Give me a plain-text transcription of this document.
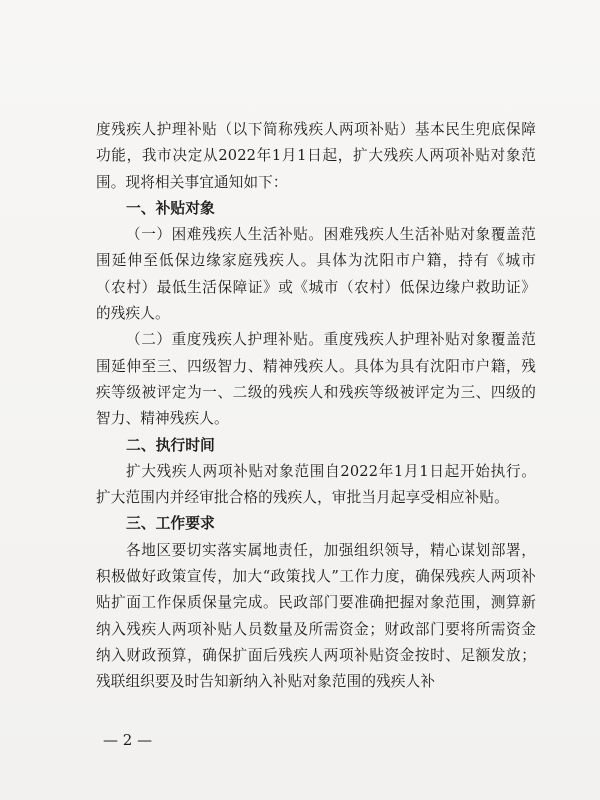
度残疾人护理补贴（以下简称残疾人两项补贴）基本民生兜底保障功能，我市决定从2022年1月1日起，扩大残疾人两项补贴对象范围。现将相关事宜通知如下：

一、补贴对象

（一）困难残疾人生活补贴。困难残疾人生活补贴对象覆盖范围延伸至低保边缘家庭残疾人。具体为沈阳市户籍，持有《城市（农村）最低生活保障证》或《城市（农村）低保边缘户救助证》的残疾人。

（二）重度残疾人护理补贴。重度残疾人护理补贴对象覆盖范围延伸至三、四级智力、精神残疾人。具体为具有沈阳市户籍，残疾等级被评定为一、二级的残疾人和残疾等级被评定为三、四级的智力、精神残疾人。

二、执行时间

扩大残疾人两项补贴对象范围自2022年1月1日起开始执行。扩大范围内并经审批合格的残疾人，审批当月起享受相应补贴。

三、工作要求

各地区要切实落实属地责任，加强组织领导，精心谋划部署，积极做好政策宣传，加大“政策找人”工作力度，确保残疾人两项补贴扩面工作保质保量完成。民政部门要准确把握对象范围，测算新纳入残疾人两项补贴人员数量及所需资金；财政部门要将所需资金纳入财政预算，确保扩面后残疾人两项补贴资金按时、足额发放；残联组织要及时告知新纳入补贴对象范围的残疾人补

— 2 —
